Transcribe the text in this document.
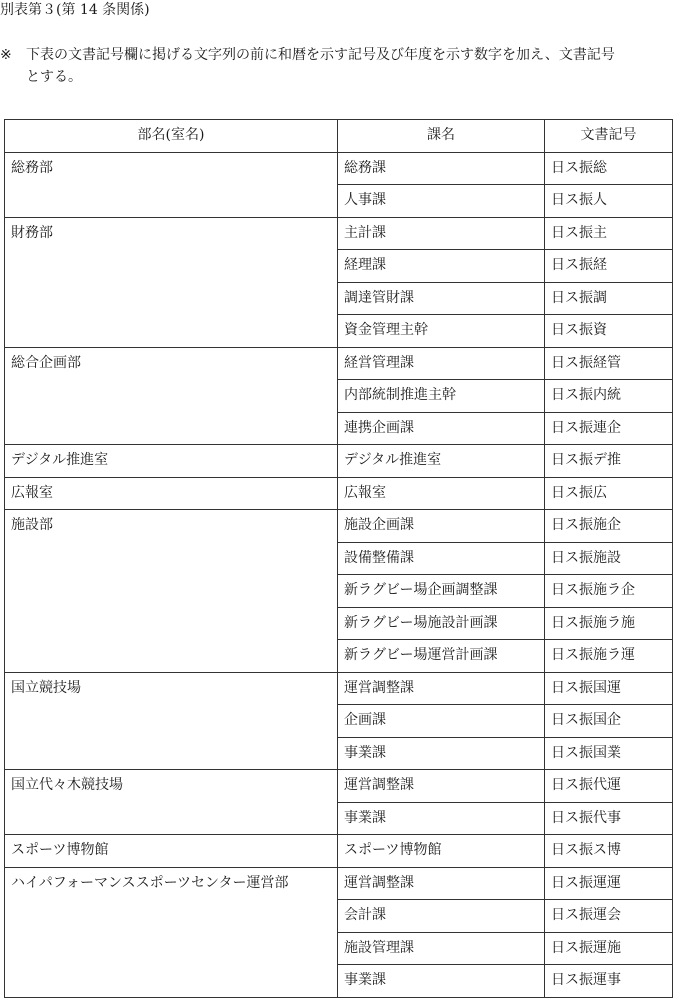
別表第３(第 14 条関係)
※ 下表の文書記号欄に掲げる文字列の前に和暦を示す記号及び年度を示す数字を加え、文書記号
とする。
部名(室名)	課名	文書記号
総務部	総務課	日ス振総
	人事課	日ス振人
財務部	主計課	日ス振主
	経理課	日ス振経
	調達管財課	日ス振調
	資金管理主幹	日ス振資
総合企画部	経営管理課	日ス振経管
	内部統制推進主幹	日ス振内統
	連携企画課	日ス振連企
デジタル推進室	デジタル推進室	日ス振デ推
広報室	広報室	日ス振広
施設部	施設企画課	日ス振施企
	設備整備課	日ス振施設
	新ラグビー場企画調整課	日ス振施ラ企
	新ラグビー場施設計画課	日ス振施ラ施
	新ラグビー場運営計画課	日ス振施ラ運
国立競技場	運営調整課	日ス振国運
	企画課	日ス振国企
	事業課	日ス振国業
国立代々木競技場	運営調整課	日ス振代運
	事業課	日ス振代事
スポーツ博物館	スポーツ博物館	日ス振ス博
ハイパフォーマンススポーツセンター運営部	運営調整課	日ス振運運
	会計課	日ス振運会
	施設管理課	日ス振運施
	事業課	日ス振運事
